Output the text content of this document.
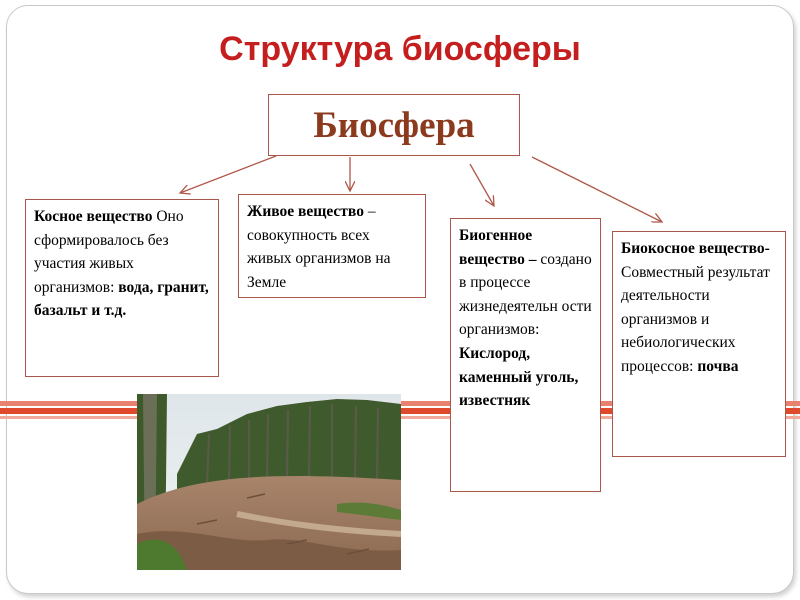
Структура биосферы
Биосфера
Косное вещество Оно сформировалось без участия живых организмов: вода, гранит, базальт и т.д.
Живое вещество – совокупность всех живых организмов на Земле
Биогенное вещество – создано в процессе жизнедеятельн ости организмов: Кислород, каменный уголь, известняк
Биокосное вещество- Совместный результат деятельности организмов и небиологических процессов: почва
